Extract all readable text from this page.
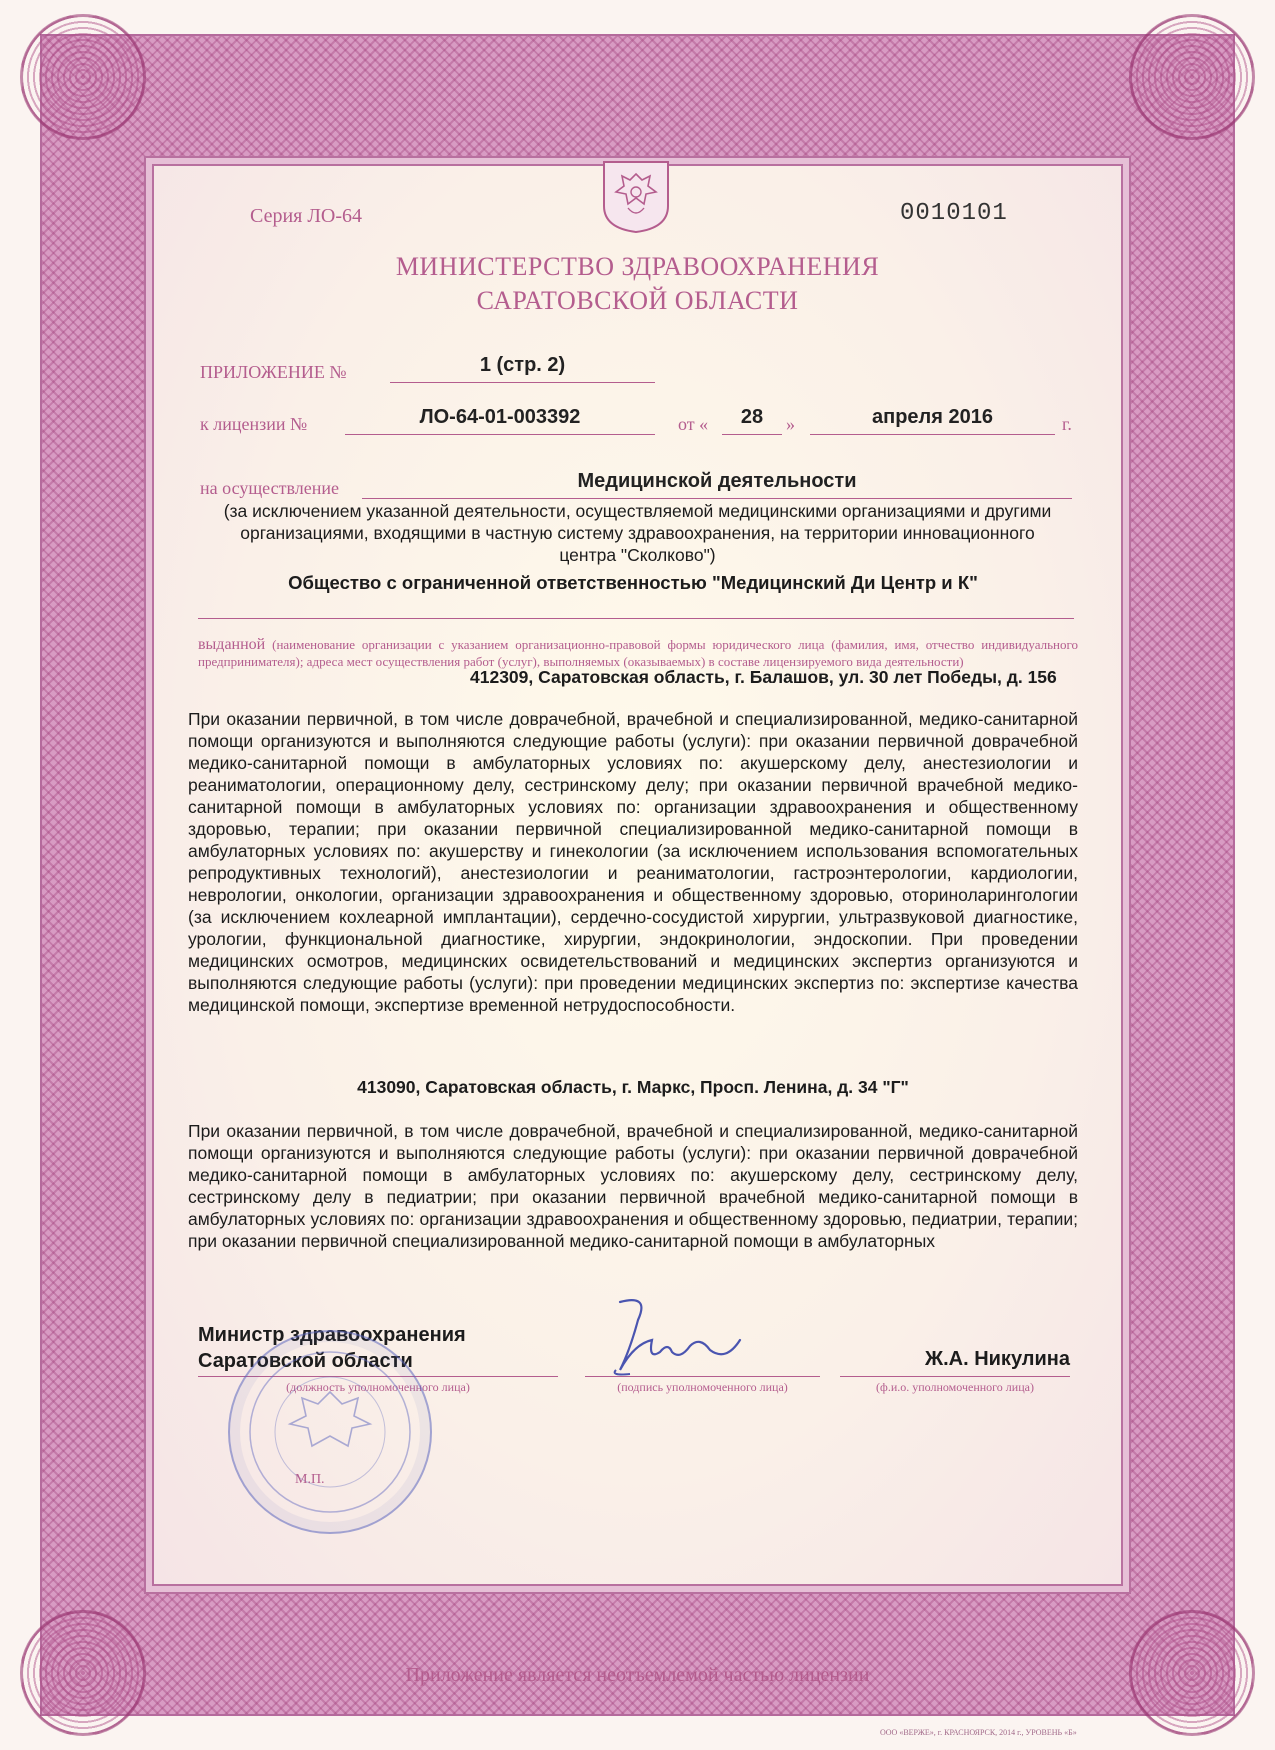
Серия ЛО-64	0010101
МИНИСТЕРСТВО ЗДРАВООХРАНЕНИЯ
САРАТОВСКОЙ ОБЛАСТИ
ПРИЛОЖЕНИЕ №	1 (стр. 2)
к лицензии №	ЛО-64-01-003392	от «	28	»	апреля 2016	г.
на осуществление	Медицинской деятельности
(за исключением указанной деятельности, осуществляемой медицинскими организациями и другими организациями, входящими в частную систему здравоохранения, на территории инновационного центра "Сколково")
Общество с ограниченной ответственностью "Медицинский Ди Центр и К"
выданной (наименование организации с указанием организационно-правовой формы юридического лица (фамилия, имя, отчество индивидуального предпринимателя); адреса мест осуществления работ (услуг), выполняемых (оказываемых) в составе лицензируемого вида деятельности)
412309, Саратовская область, г. Балашов, ул. 30 лет Победы, д. 156
При оказании первичной, в том числе доврачебной, врачебной и специализированной, медико-санитарной помощи организуются и выполняются следующие работы (услуги): при оказании первичной доврачебной медико-санитарной помощи в амбулаторных условиях по: акушерскому делу, анестезиологии и реаниматологии, операционному делу, сестринскому делу; при оказании первичной врачебной медико-санитарной помощи в амбулаторных условиях по: организации здравоохранения и общественному здоровью, терапии; при оказании первичной специализированной медико-санитарной помощи в амбулаторных условиях по: акушерству и гинекологии (за исключением использования вспомогательных репродуктивных технологий), анестезиологии и реаниматологии, гастроэнтерологии, кардиологии, неврологии, онкологии, организации здравоохранения и общественному здоровью, оториноларингологии (за исключением кохлеарной имплантации), сердечно-сосудистой хирургии, ультразвуковой диагностике, урологии, функциональной диагностике, хирургии, эндокринологии, эндоскопии. При проведении медицинских осмотров, медицинских освидетельствований и медицинских экспертиз организуются и выполняются следующие работы (услуги): при проведении медицинских экспертиз по: экспертизе качества медицинской помощи, экспертизе временной нетрудоспособности.
413090, Саратовская область, г. Маркс, Просп. Ленина, д. 34 "Г"
При оказании первичной, в том числе доврачебной, врачебной и специализированной, медико-санитарной помощи организуются и выполняются следующие работы (услуги): при оказании первичной доврачебной медико-санитарной помощи в амбулаторных условиях по: акушерскому делу, сестринскому делу, сестринскому делу в педиатрии; при оказании первичной врачебной медико-санитарной помощи в амбулаторных условиях по: организации здравоохранения и общественному здоровью, педиатрии, терапии; при оказании первичной специализированной медико-санитарной помощи в амбулаторных
Министр здравоохранения
Саратовской области
(должность уполномоченного лица)	(подпись уполномоченного лица)
Ж.А. Никулина
(ф.и.о. уполномоченного лица)
М.П.
Приложение является неотъемлемой частью лицензии
ООО «ВЕРЖЕ», г. КРАСНОЯРСК, 2014 г., УРОВЕНЬ «Б»
